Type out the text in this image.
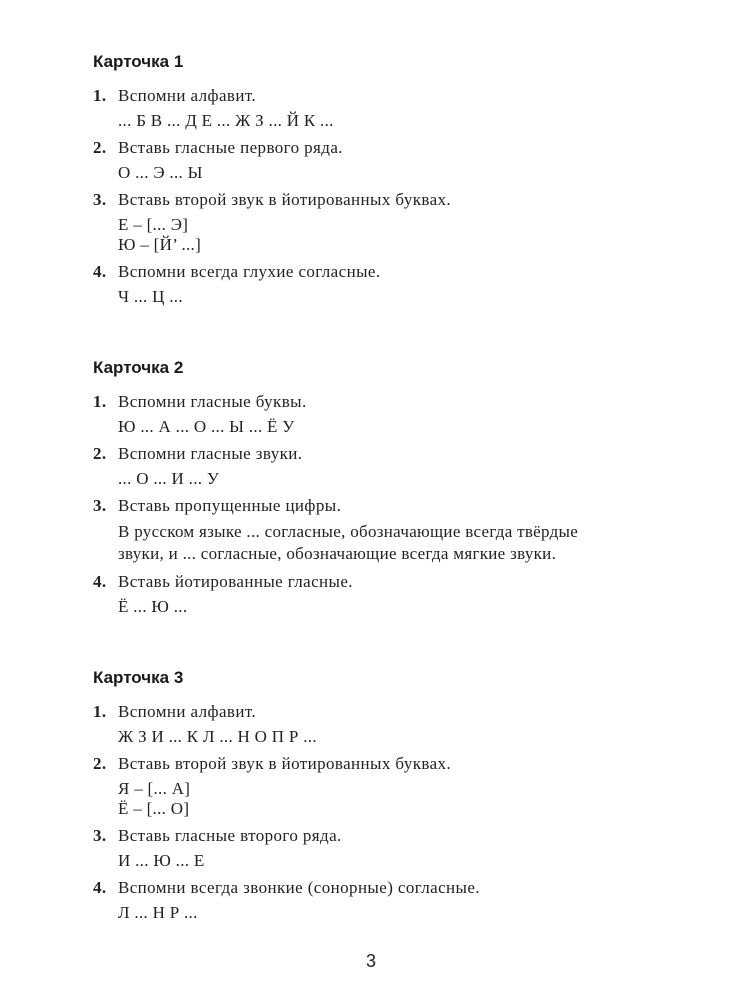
Карточка 1
1. Вспомни алфавит.
... Б В ... Д Е ... Ж З ... Й К ...
2. Вставь гласные первого ряда.
О ... Э ... Ы
3. Вставь второй звук в йотированных буквах.
Е – [... Э]
Ю – [Й’ ...]
4. Вспомни всегда глухие согласные.
Ч ... Ц ...
Карточка 2
1. Вспомни гласные буквы.
Ю ... А ... О ... Ы ... Ё У
2. Вспомни гласные звуки.
... О ... И ... У
3. Вставь пропущенные цифры.
В русском языке ... согласные, обозначающие всегда твёрдые
звуки, и ... согласные, обозначающие всегда мягкие звуки.
4. Вставь йотированные гласные.
Ё ... Ю ...
Карточка 3
1. Вспомни алфавит.
Ж З И ... К Л ... Н О П Р ...
2. Вставь второй звук в йотированных буквах.
Я – [... А]
Ё – [... О]
3. Вставь гласные второго ряда.
И ... Ю ... Е
4. Вспомни всегда звонкие (сонорные) согласные.
Л ... Н Р ...
3
